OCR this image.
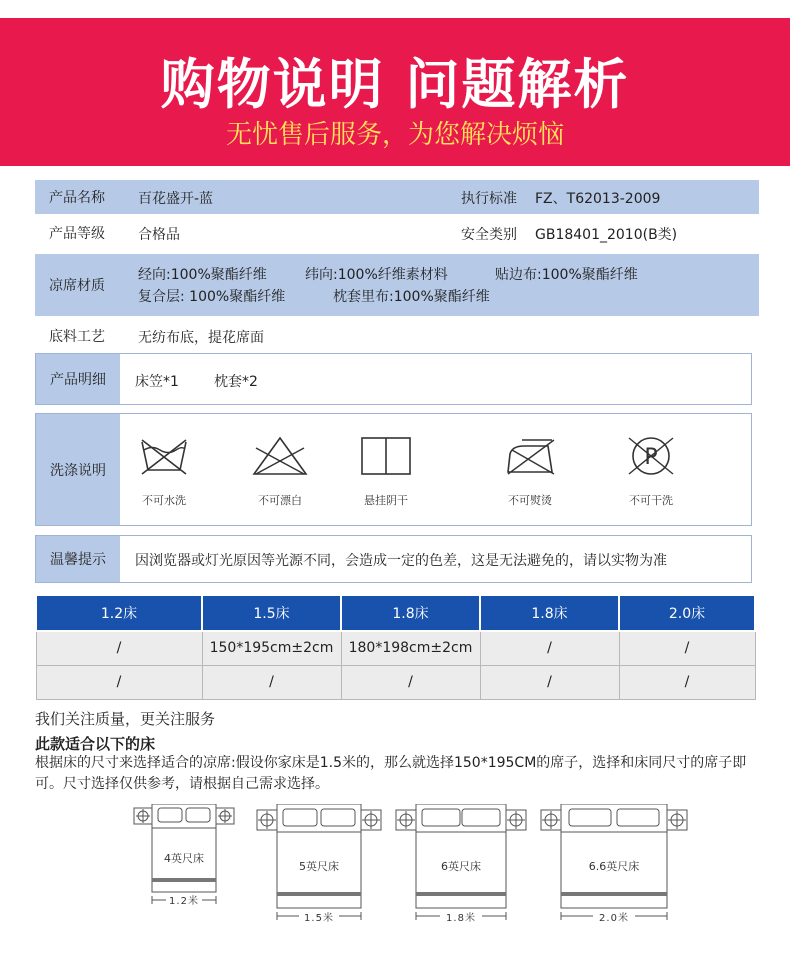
购物说明 问题解析
无忧售后服务，为您解决烦恼
产品名称	百花盛开-蓝	执行标准 FZ、T62013-2009
产品等级	合格品	安全类别 GB18401_2010(B类)
凉席材质
经向:100%聚酯纤维	纬向:100%纤维素材料	贴边布:100%聚酯纤维
复合层: 100%聚酯纤维	枕套里布:100%聚酯纤维
底料工艺	无纺布底，提花席面
产品明细	床笠*1	枕套*2
洗涤说明
不可水洗	不可漂白	悬挂阴干	不可熨烫
P
不可干洗
温馨提示	因浏览器或灯光原因等光源不同，会造成一定的色差，这是无法避免的，请以实物为准
1.2床	1.5床	1.8床	1.8床	2.0床
/	150*195cm±2cm	180*198cm±2cm	/	/
/	/	/	/	/
我们关注质量，更关注服务
此款适合以下的床
根据床的尺寸来选择适合的凉席:假设你家床是1.5米的，那么就选择150*195CM的席子，选择和床同尺寸的席子即可。尺寸选择仅供参考，请根据自己需求选择。
4英尺床
1.2米
5英尺床
1.5米
6英尺床
1.8米
6.6英尺床
2.0米
